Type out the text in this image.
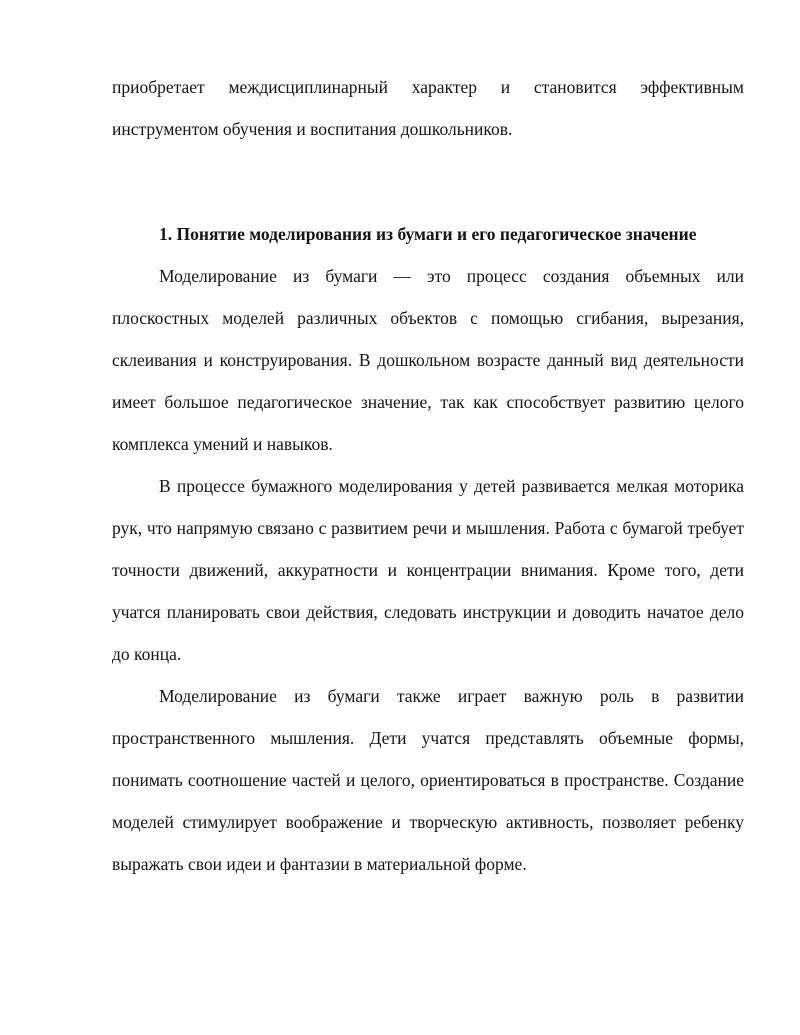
приобретает междисциплинарный характер и становится эффективным инструментом обучения и воспитания дошкольников.

1. Понятие моделирования из бумаги и его педагогическое значение

Моделирование из бумаги — это процесс создания объемных или плоскостных моделей различных объектов с помощью сгибания, вырезания, склеивания и конструирования. В дошкольном возрасте данный вид деятельности имеет большое педагогическое значение, так как способствует развитию целого комплекса умений и навыков.

В процессе бумажного моделирования у детей развивается мелкая моторика рук, что напрямую связано с развитием речи и мышления. Работа с бумагой требует точности движений, аккуратности и концентрации внимания. Кроме того, дети учатся планировать свои действия, следовать инструкции и доводить начатое дело до конца.

Моделирование из бумаги также играет важную роль в развитии пространственного мышления. Дети учатся представлять объемные формы, понимать соотношение частей и целого, ориентироваться в пространстве. Создание моделей стимулирует воображение и творческую активность, позволяет ребенку выражать свои идеи и фантазии в материальной форме.
